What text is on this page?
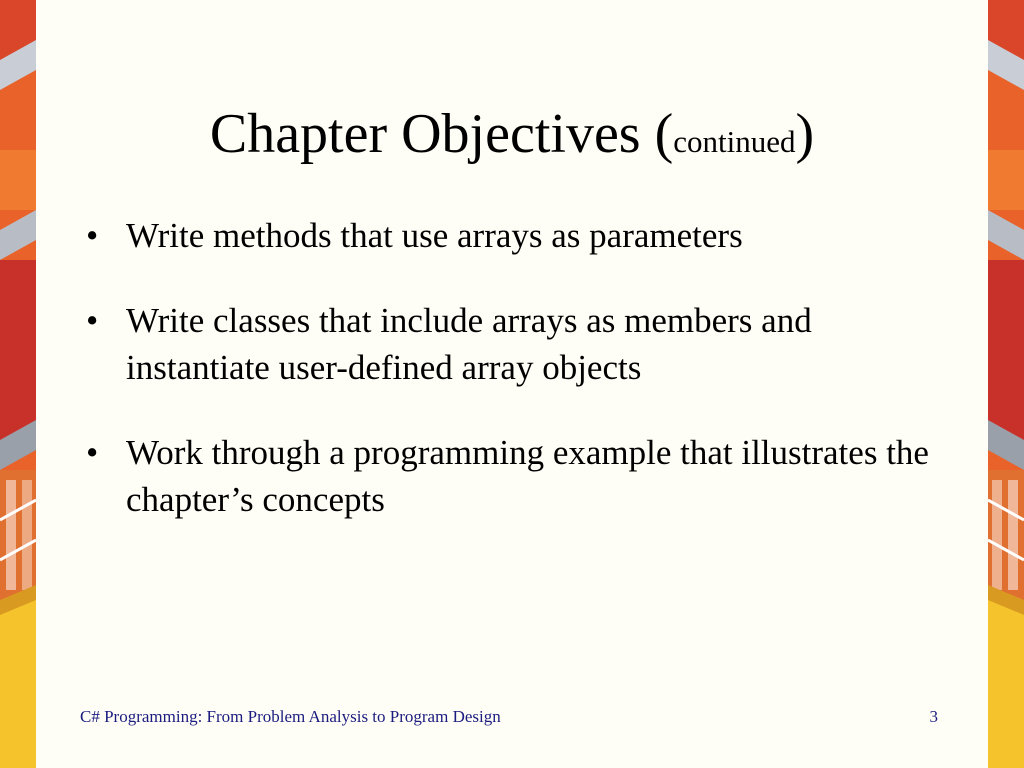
Chapter Objectives (continued)
• Write methods that use arrays as parameters
• Write classes that include arrays as members and instantiate user-defined array objects
• Work through a programming example that illustrates the chapter’s concepts
C# Programming: From Problem Analysis to Program Design	3
